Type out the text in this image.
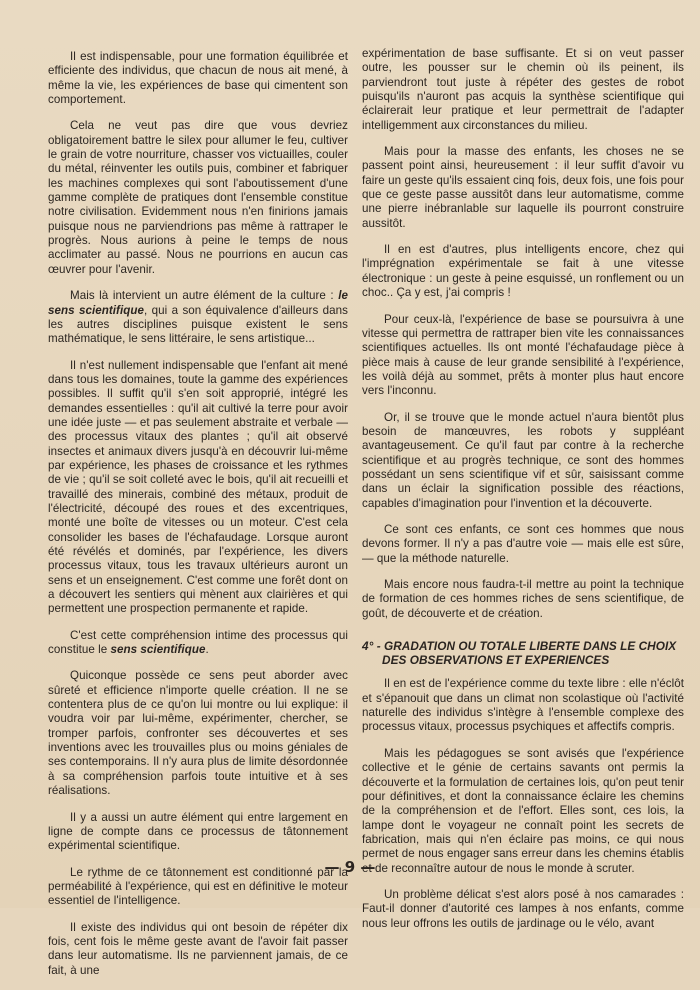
Il est indispensable, pour une formation équilibrée et efficiente des individus, que chacun de nous ait mené, à même la vie, les expériences de base qui cimentent son comportement.

Cela ne veut pas dire que vous devriez obligatoirement battre le silex pour allumer le feu, cultiver le grain de votre nourriture, chasser vos victuailles, couler du métal, réinventer les outils puis, combiner et fabriquer les machines complexes qui sont l'aboutissement d'une gamme complète de pratiques dont l'ensemble constitue notre civilisation. Evidemment nous n'en finirions jamais puisque nous ne parviendrions pas même à rattraper le progrès. Nous aurions à peine le temps de nous acclimater au passé. Nous ne pourrions en aucun cas œuvrer pour l'avenir.

Mais là intervient un autre élément de la culture : le sens scientifique, qui a son équivalence d'ailleurs dans les autres disciplines puisque existent le sens mathématique, le sens littéraire, le sens artistique...

Il n'est nullement indispensable que l'enfant ait mené dans tous les domaines, toute la gamme des expériences possibles. Il suffit qu'il s'en soit approprié, intégré les demandes essentielles : qu'il ait cultivé la terre pour avoir une idée juste — et pas seulement abstraite et verbale — des processus vitaux des plantes ; qu'il ait observé insectes et animaux divers jusqu'à en découvrir lui-même par expérience, les phases de croissance et les rythmes de vie ; qu'il se soit colleté avec le bois, qu'il ait recueilli et travaillé des minerais, combiné des métaux, produit de l'électricité, découpé des roues et des excentriques, monté une boîte de vitesses ou un moteur. C'est cela consolider les bases de l'échafaudage. Lorsque auront été révélés et dominés, par l'expérience, les divers processus vitaux, tous les travaux ultérieurs auront un sens et un enseignement. C'est comme une forêt dont on a découvert les sentiers qui mènent aux clairières et qui permettent une prospection permanente et rapide.

C'est cette compréhension intime des processus qui constitue le sens scientifique.

Quiconque possède ce sens peut aborder avec sûreté et efficience n'importe quelle création. Il ne se contentera plus de ce qu'on lui montre ou lui explique: il voudra voir par lui-même, expérimenter, chercher, se tromper parfois, confronter ses découvertes et ses inventions avec les trouvailles plus ou moins géniales de ses contemporains. Il n'y aura plus de limite désordonnée à sa compréhension parfois toute intuitive et à ses réalisations.

Il y a aussi un autre élément qui entre largement en ligne de compte dans ce processus de tâtonnement expérimental scientifique.

Le rythme de ce tâtonnement est conditionné par la perméabilité à l'expérience, qui est en définitive le moteur essentiel de l'intelligence.

Il existe des individus qui ont besoin de répéter dix fois, cent fois le même geste avant de l'avoir fait passer dans leur automatisme. Ils ne parviennent jamais, de ce fait, à une

expérimentation de base suffisante. Et si on veut passer outre, les pousser sur le chemin où ils peinent, ils parviendront tout juste à répéter des gestes de robot puisqu'ils n'auront pas acquis la synthèse scientifique qui éclairerait leur pratique et leur permettrait de l'adapter intelligemment aux circonstances du milieu.

Mais pour la masse des enfants, les choses ne se passent point ainsi, heureusement : il leur suffit d'avoir vu faire un geste qu'ils essaient cinq fois, deux fois, une fois pour que ce geste passe aussitôt dans leur automatisme, comme une pierre inébranlable sur laquelle ils pourront construire aussitôt.

Il en est d'autres, plus intelligents encore, chez qui l'imprégnation expérimentale se fait à une vitesse électronique : un geste à peine esquissé, un ronflement ou un choc.. Ça y est, j'ai compris !

Pour ceux-là, l'expérience de base se poursuivra à une vitesse qui permettra de rattraper bien vite les connaissances scientifiques actuelles. Ils ont monté l'échafaudage pièce à pièce mais à cause de leur grande sensibilité à l'expérience, les voilà déjà au sommet, prêts à monter plus haut encore vers l'inconnu.

Or, il se trouve que le monde actuel n'aura bientôt plus besoin de manœuvres, les robots y suppléant avantageusement. Ce qu'il faut par contre à la recherche scientifique et au progrès technique, ce sont des hommes possédant un sens scientifique vif et sûr, saisissant comme dans un éclair la signification possible des réactions, capables d'imagination pour l'invention et la découverte.

Ce sont ces enfants, ce sont ces hommes que nous devons former. Il n'y a pas d'autre voie — mais elle est sûre, — que la méthode naturelle.

Mais encore nous faudra-t-il mettre au point la technique de formation de ces hommes riches de sens scientifique, de goût, de découverte et de création.

4° - GRADATION OU TOTALE LIBERTE DANS LE CHOIX DES OBSERVATIONS ET EXPERIENCES

Il en est de l'expérience comme du texte libre : elle n'éclôt et s'épanouit que dans un climat non scolastique où l'activité naturelle des individus s'intègre à l'ensemble complexe des processus vitaux, processus psychiques et affectifs compris.

Mais les pédagogues se sont avisés que l'expérience collective et le génie de certains savants ont permis la découverte et la formulation de certaines lois, qu'on peut tenir pour définitives, et dont la connaissance éclaire les chemins de la compréhension et de l'effort. Elles sont, ces lois, la lampe dont le voyageur ne connaît point les secrets de fabrication, mais qui n'en éclaire pas moins, ce qui nous permet de nous engager sans erreur dans les chemins établis et de reconnaître autour de nous le monde à scruter.

Un problème délicat s'est alors posé à nos camarades : Faut-il donner d'autorité ces lampes à nos enfants, comme nous leur offrons les outils de jardinage ou le vélo, avant

— 9 —
